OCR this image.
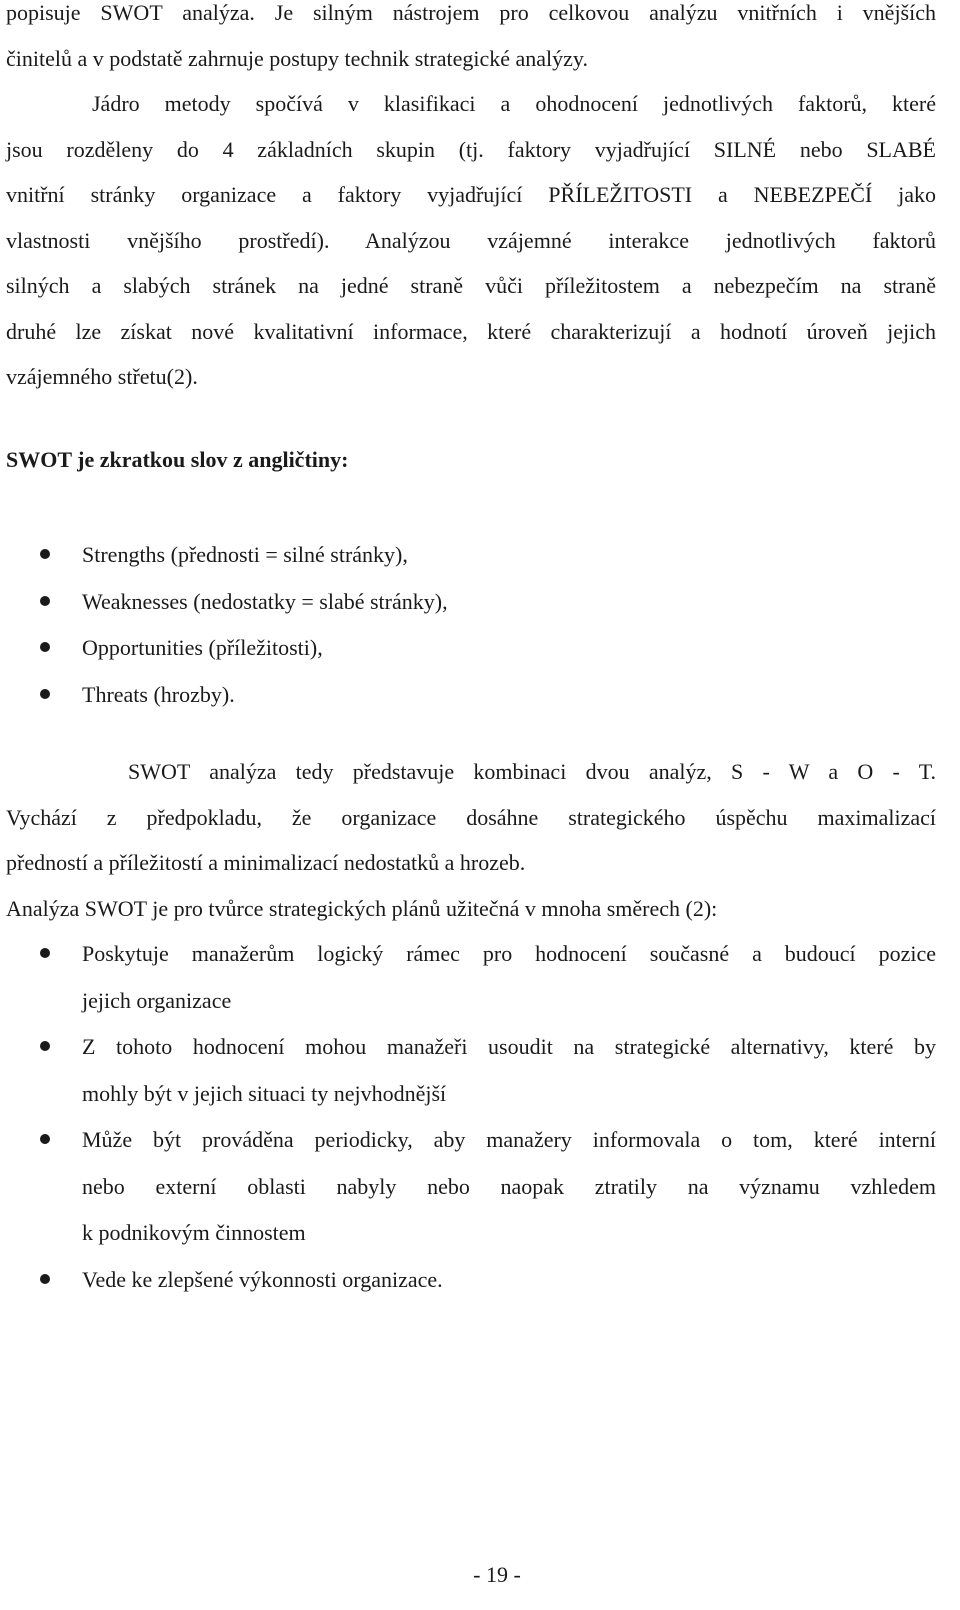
popisuje SWOT analýza. Je silným nástrojem pro celkovou analýzu vnitřních i vnějších
činitelů a v podstatě zahrnuje postupy technik strategické analýzy.
Jádro metody spočívá v klasifikaci a ohodnocení jednotlivých faktorů, které
jsou rozděleny do 4 základních skupin (tj. faktory vyjadřující SILNÉ nebo SLABÉ
vnitřní stránky organizace a faktory vyjadřující PŘÍLEŽITOSTI a NEBEZPEČÍ jako
vlastnosti vnějšího prostředí). Analýzou vzájemné interakce jednotlivých faktorů
silných a slabých stránek na jedné straně vůči příležitostem a nebezpečím na straně
druhé lze získat nové kvalitativní informace, které charakterizují a hodnotí úroveň jejich
vzájemného střetu(2).
SWOT je zkratkou slov z angličtiny:
Strengths (přednosti = silné stránky),
Weaknesses (nedostatky = slabé stránky),
Opportunities (příležitosti),
Threats (hrozby).
SWOT analýza tedy představuje kombinaci dvou analýz, S - W a O - T.
Vychází z předpokladu, že organizace dosáhne strategického úspěchu maximalizací
předností a příležitostí a minimalizací nedostatků a hrozeb.
Analýza SWOT je pro tvůrce strategických plánů užitečná v mnoha směrech (2):
Poskytuje manažerům logický rámec pro hodnocení současné a budoucí pozice
jejich organizace
Z tohoto hodnocení mohou manažeři usoudit na strategické alternativy, které by
mohly být v jejich situaci ty nejvhodnější
Může být prováděna periodicky, aby manažery informovala o tom, které interní
nebo externí oblasti nabyly nebo naopak ztratily na významu vzhledem
k podnikovým činnostem
Vede ke zlepšené výkonnosti organizace.
- 19 -
